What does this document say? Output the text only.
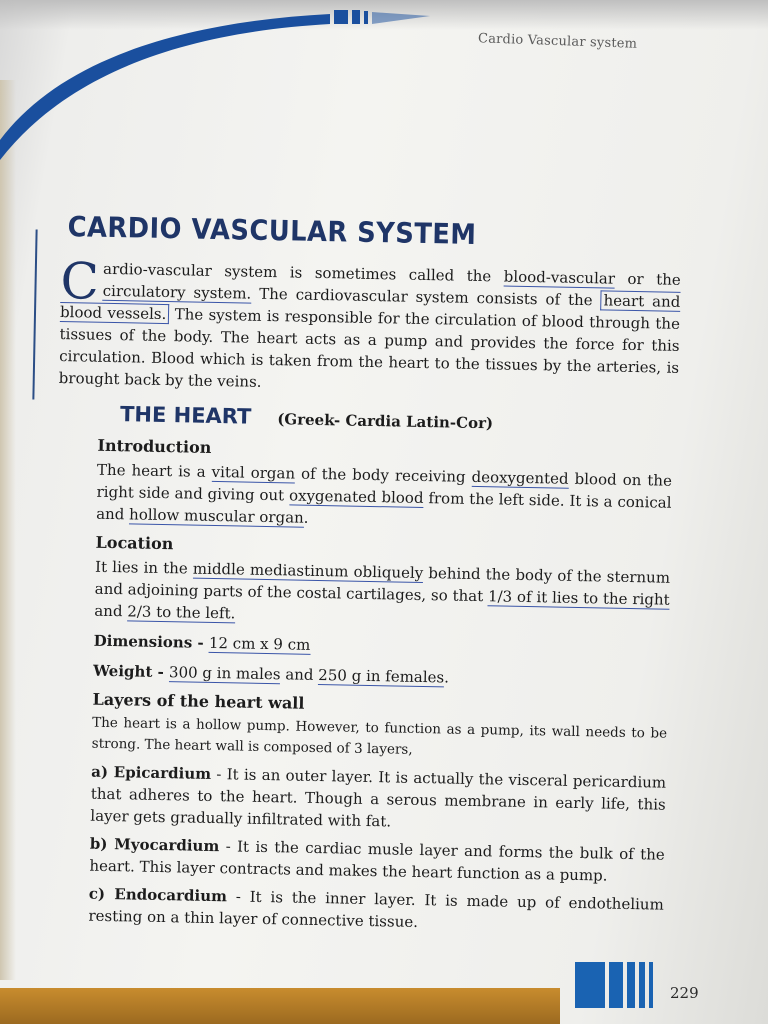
Cardio Vascular system
CARDIO VASCULAR SYSTEM

Cardio-vascular system is sometimes called the blood-vascular or the circulatory system. The cardiovascular system consists of the heart and blood vessels. The system is responsible for the circulation of blood through the tissues of the body. The heart acts as a pump and provides the force for this circulation. Blood which is taken from the heart to the tissues by the arteries, is brought back by the veins.

THE HEART (Greek- Cardia Latin-Cor)
Introduction

The heart is a vital organ of the body receiving deoxygented blood on the right side and giving out oxygenated blood from the left side. It is a conical and hollow muscular organ.

Location

It lies in the middle mediastinum obliquely behind the body of the sternum and adjoining parts of the costal cartilages, so that 1/3 of it lies to the right and 2/3 to the left.

Dimensions - 12 cm x 9 cm
Weight - 300 g in males and 250 g in females.
Layers of the heart wall

The heart is a hollow pump. However, to function as a pump, its wall needs to be strong. The heart wall is composed of 3 layers,

a) Epicardium - It is an outer layer. It is actually the visceral pericardium that adheres to the heart. Though a serous membrane in early life, this layer gets gradually infiltrated with fat.

b) Myocardium - It is the cardiac musle layer and forms the bulk of the heart. This layer contracts and makes the heart function as a pump.

c) Endocardium - It is the inner layer. It is made up of endothelium resting on a thin layer of connective tissue.

229
